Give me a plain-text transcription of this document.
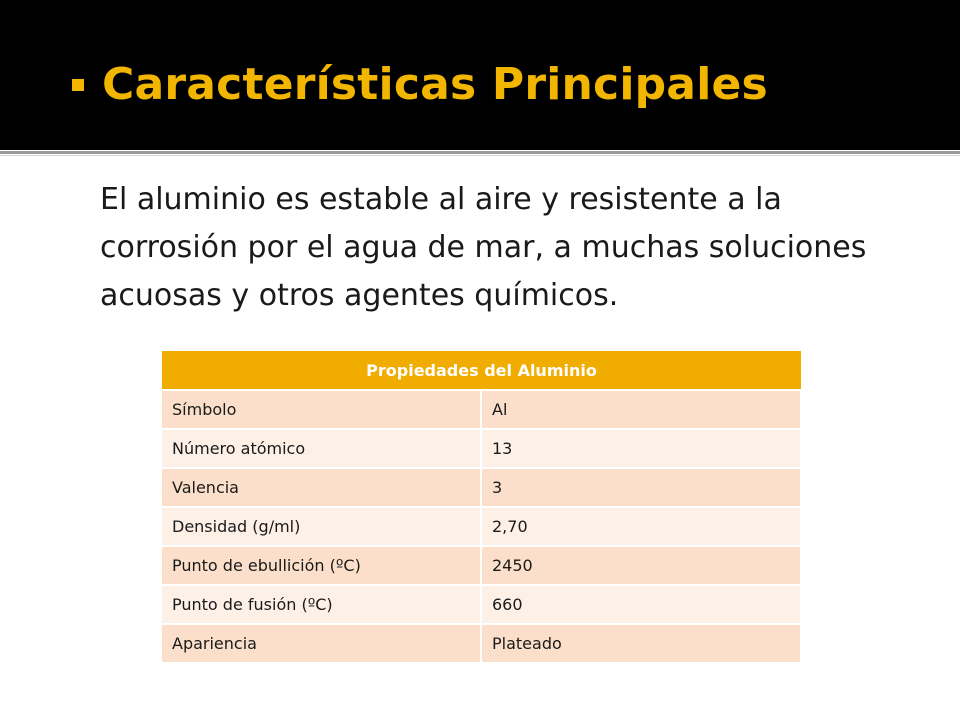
Características Principales
El aluminio es estable al aire y resistente a la corrosión por el agua de mar, a muchas soluciones acuosas y otros agentes químicos.
Propiedades del Aluminio	
Símbolo	Al
Número atómico	13
Valencia	3
Densidad (g/ml)	2,70
Punto de ebullición (ºC)	2450
Punto de fusión (ºC)	660
Apariencia	Plateado
